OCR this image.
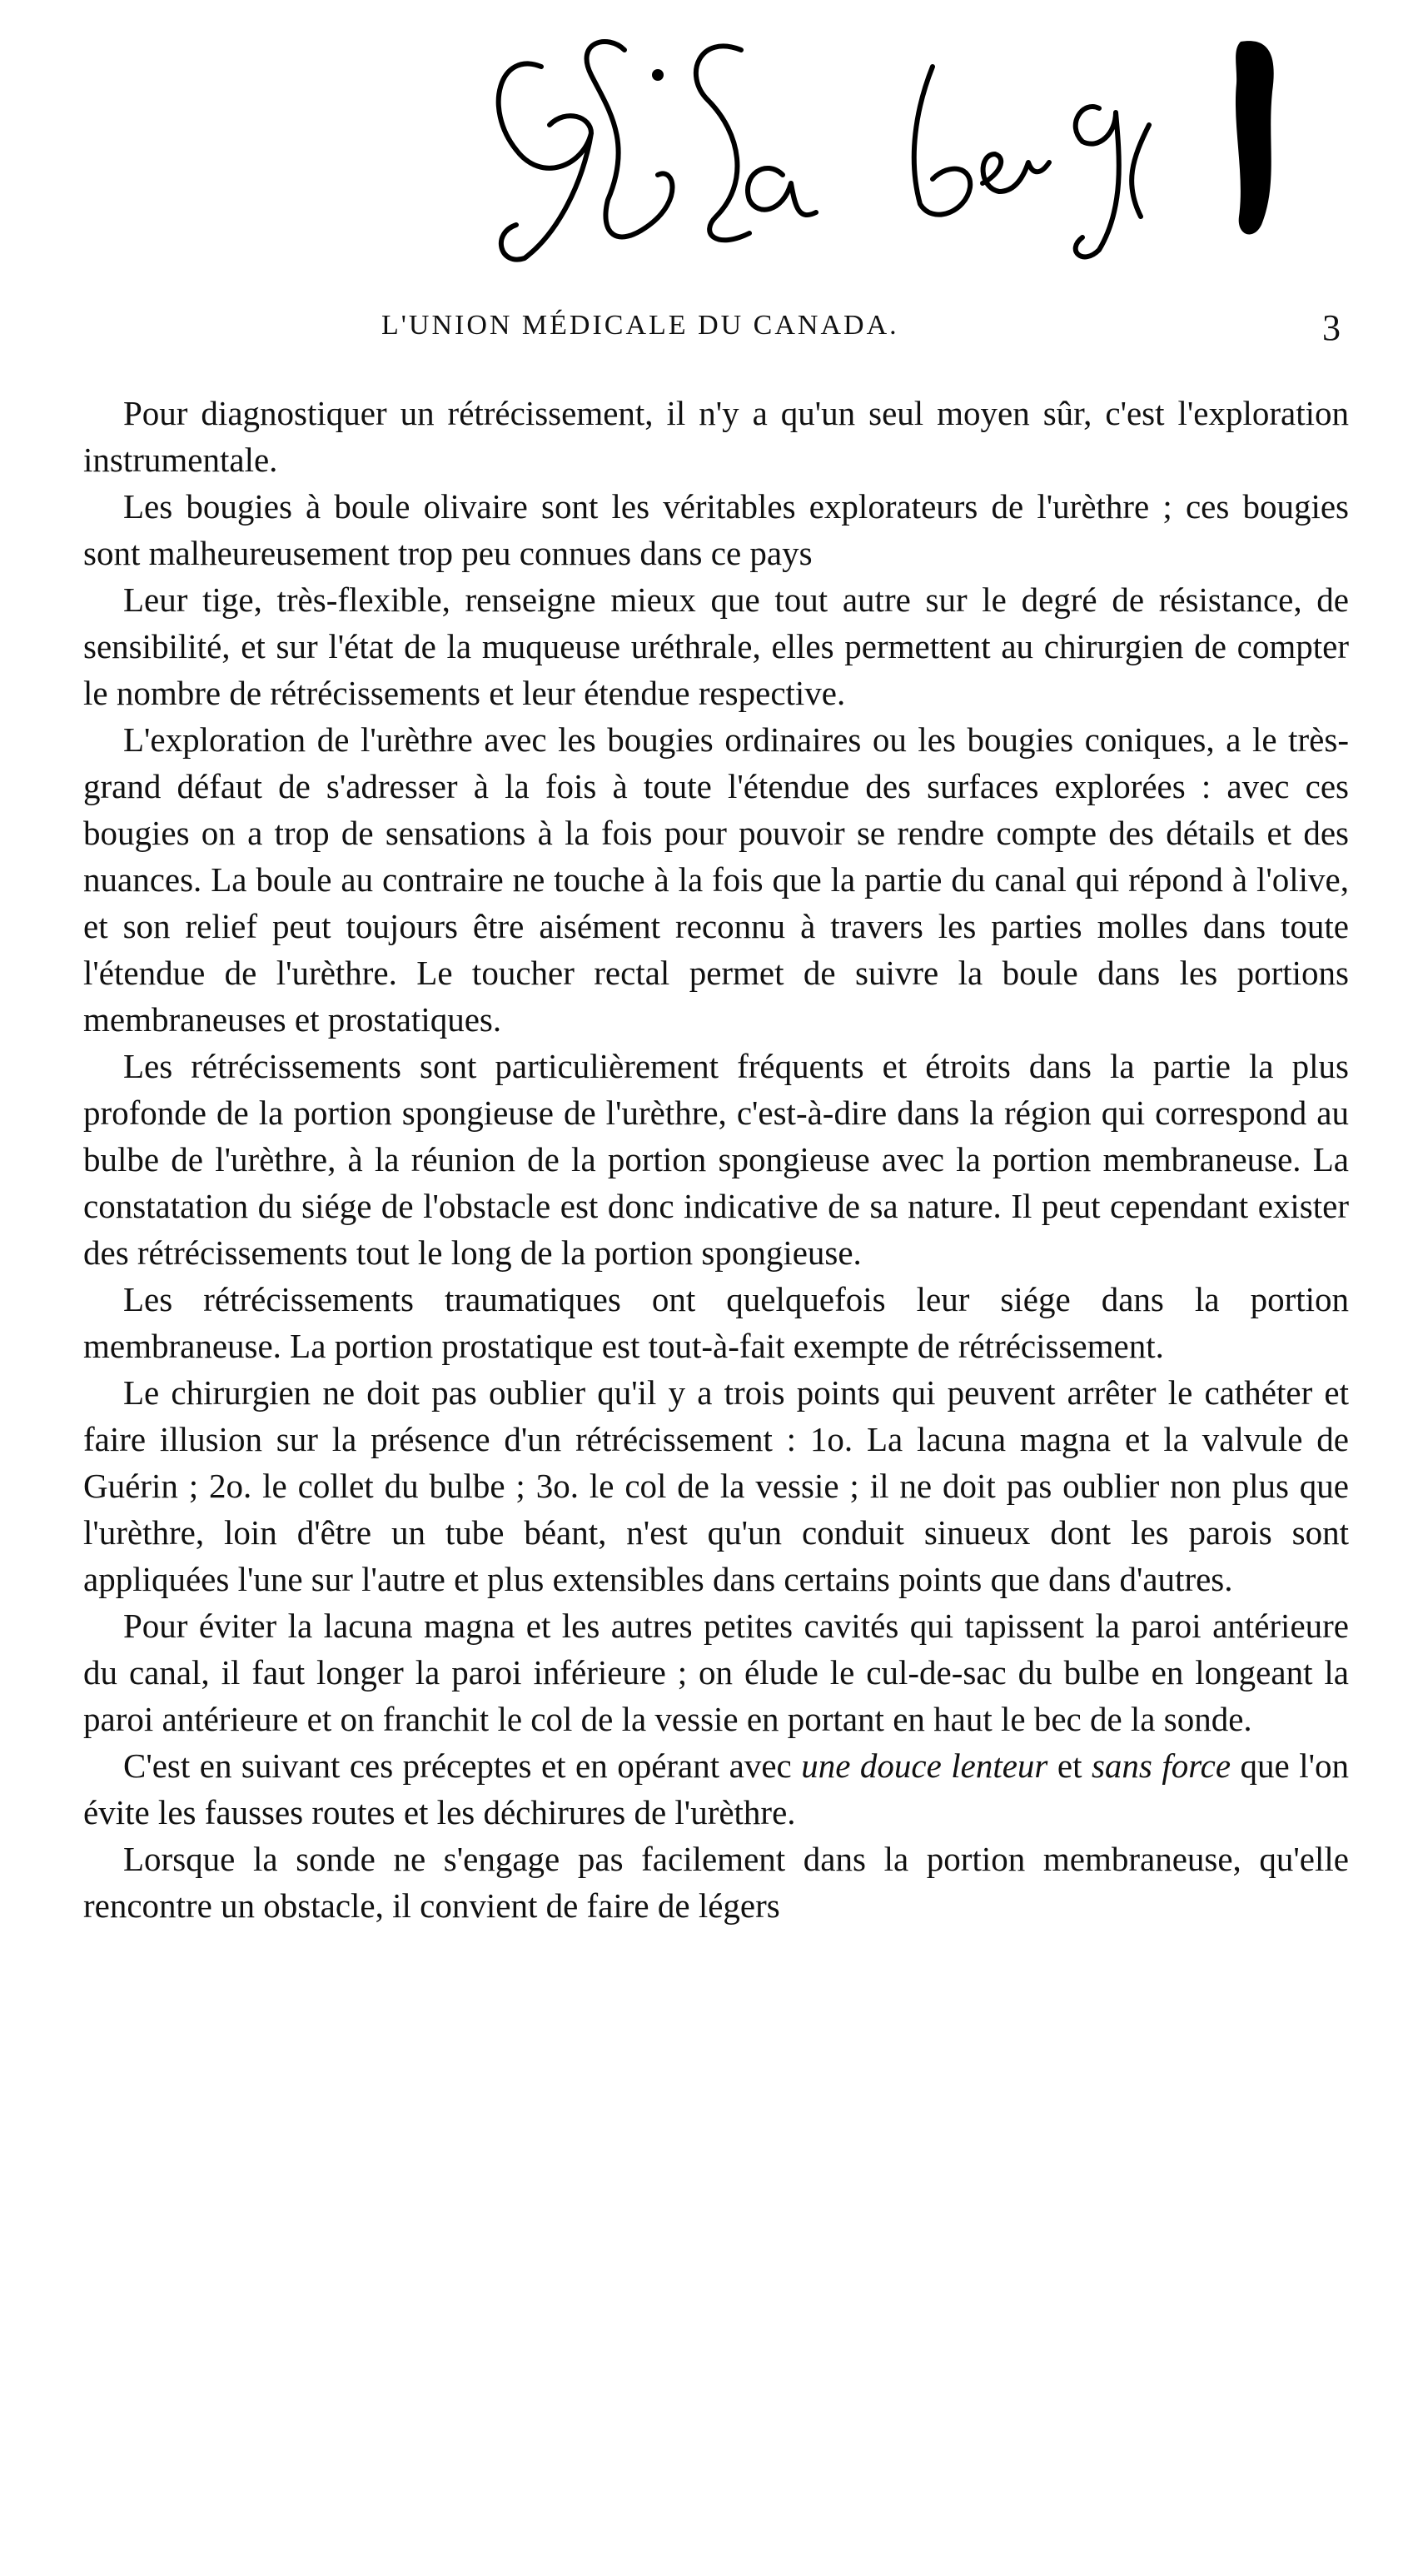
L'UNION MÉDICALE DU CANADA.	3

Pour diagnostiquer un rétrécissement, il n'y a qu'un seul moyen sûr, c'est l'exploration instrumentale.

Les bougies à boule olivaire sont les véritables explorateurs de l'urèthre ; ces bougies sont malheureusement trop peu connues dans ce pays

Leur tige, très-flexible, renseigne mieux que tout autre sur le degré de résistance, de sensibilité, et sur l'état de la muqueuse uréthrale, elles permettent au chirurgien de compter le nombre de rétrécissements et leur étendue respective.

L'exploration de l'urèthre avec les bougies ordinaires ou les bougies coniques, a le très-grand défaut de s'adresser à la fois à toute l'étendue des surfaces explorées : avec ces bougies on a trop de sensations à la fois pour pouvoir se rendre compte des détails et des nuances. La boule au contraire ne touche à la fois que la partie du canal qui répond à l'olive, et son relief peut toujours être aisément reconnu à travers les parties molles dans toute l'étendue de l'urèthre. Le toucher rectal permet de suivre la boule dans les portions membraneuses et prostatiques.

Les rétrécissements sont particulièrement fréquents et étroits dans la partie la plus profonde de la portion spongieuse de l'urèthre, c'est-à-dire dans la région qui correspond au bulbe de l'urèthre, à la réunion de la portion spongieuse avec la portion membraneuse. La constatation du siége de l'obstacle est donc indicative de sa nature. Il peut cependant exister des rétrécissements tout le long de la portion spongieuse.

Les rétrécissements traumatiques ont quelquefois leur siége dans la portion membraneuse. La portion prostatique est tout-à-fait exempte de rétrécissement.

Le chirurgien ne doit pas oublier qu'il y a trois points qui peuvent arrêter le cathéter et faire illusion sur la présence d'un rétrécissement : 1o. La lacuna magna et la valvule de Guérin ; 2o. le collet du bulbe ; 3o. le col de la vessie ; il ne doit pas oublier non plus que l'urèthre, loin d'être un tube béant, n'est qu'un conduit sinueux dont les parois sont appliquées l'une sur l'autre et plus extensibles dans certains points que dans d'autres.

Pour éviter la lacuna magna et les autres petites cavités qui tapissent la paroi antérieure du canal, il faut longer la paroi inférieure ; on élude le cul-de-sac du bulbe en longeant la paroi antérieure et on franchit le col de la vessie en portant en haut le bec de la sonde.

C'est en suivant ces préceptes et en opérant avec une douce lenteur et sans force que l'on évite les fausses routes et les déchirures de l'urèthre.

Lorsque la sonde ne s'engage pas facilement dans la portion membraneuse, qu'elle rencontre un obstacle, il convient de faire de légers
